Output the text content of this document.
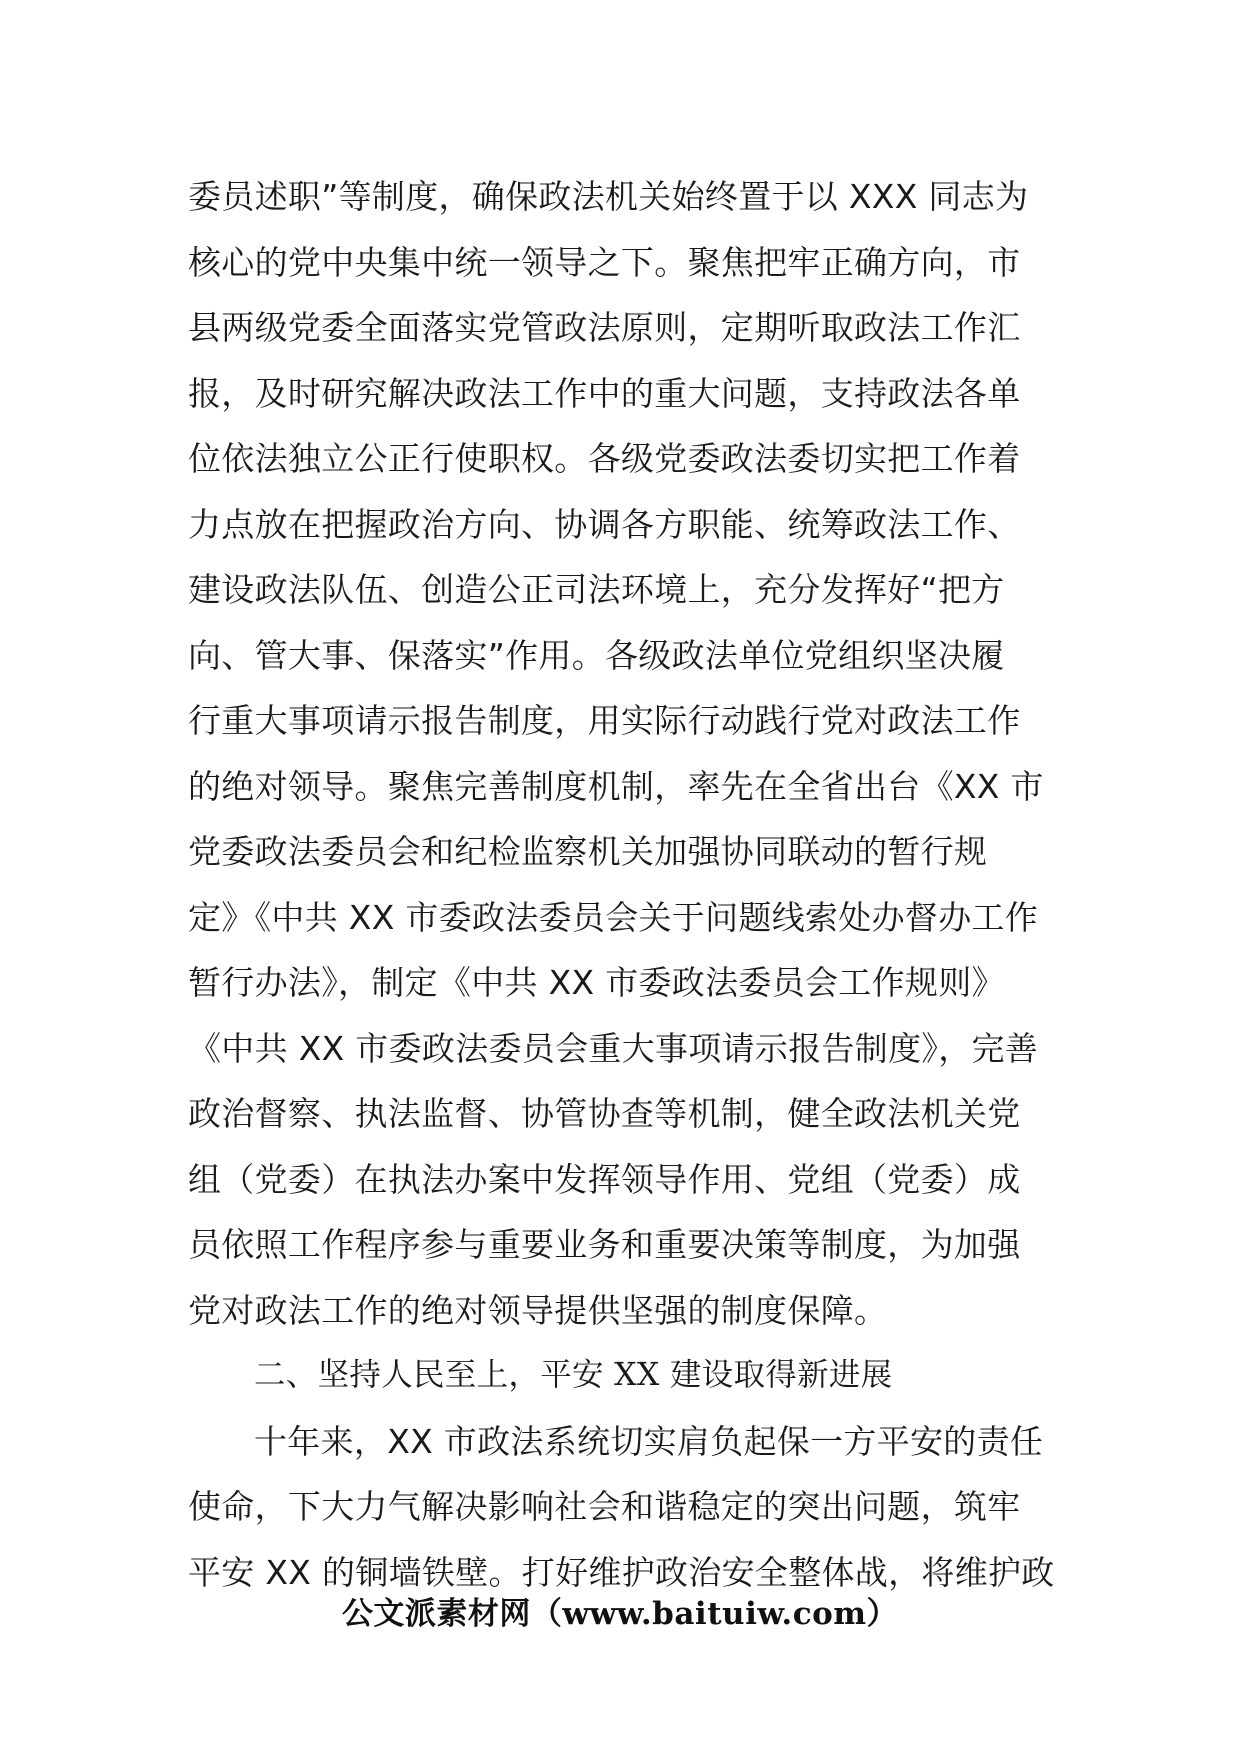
委员述职”等制度，确保政法机关始终置于以 XXX 同志为
核心的党中央集中统一领导之下。聚焦把牢正确方向，市
县两级党委全面落实党管政法原则，定期听取政法工作汇
报，及时研究解决政法工作中的重大问题，支持政法各单
位依法独立公正行使职权。各级党委政法委切实把工作着
力点放在把握政治方向、协调各方职能、统筹政法工作、
建设政法队伍、创造公正司法环境上，充分发挥好“把方
向、管大事、保落实”作用。各级政法单位党组织坚决履
行重大事项请示报告制度，用实际行动践行党对政法工作
的绝对领导。聚焦完善制度机制，率先在全省出台《XX 市
党委政法委员会和纪检监察机关加强协同联动的暂行规
定》《中共 XX 市委政法委员会关于问题线索处办督办工作
暂行办法》，制定《中共 XX 市委政法委员会工作规则》
《中共 XX 市委政法委员会重大事项请示报告制度》，完善
政治督察、执法监督、协管协查等机制，健全政法机关党
组（党委）在执法办案中发挥领导作用、党组（党委）成
员依照工作程序参与重要业务和重要决策等制度，为加强
党对政法工作的绝对领导提供坚强的制度保障。
二、坚持人民至上，平安 XX 建设取得新进展
十年来，XX 市政法系统切实肩负起保一方平安的责任
使命，下大力气解决影响社会和谐稳定的突出问题，筑牢
平安 XX 的铜墙铁壁。打好维护政治安全整体战，将维护政
公文派素材网（www.baituiw.com）
